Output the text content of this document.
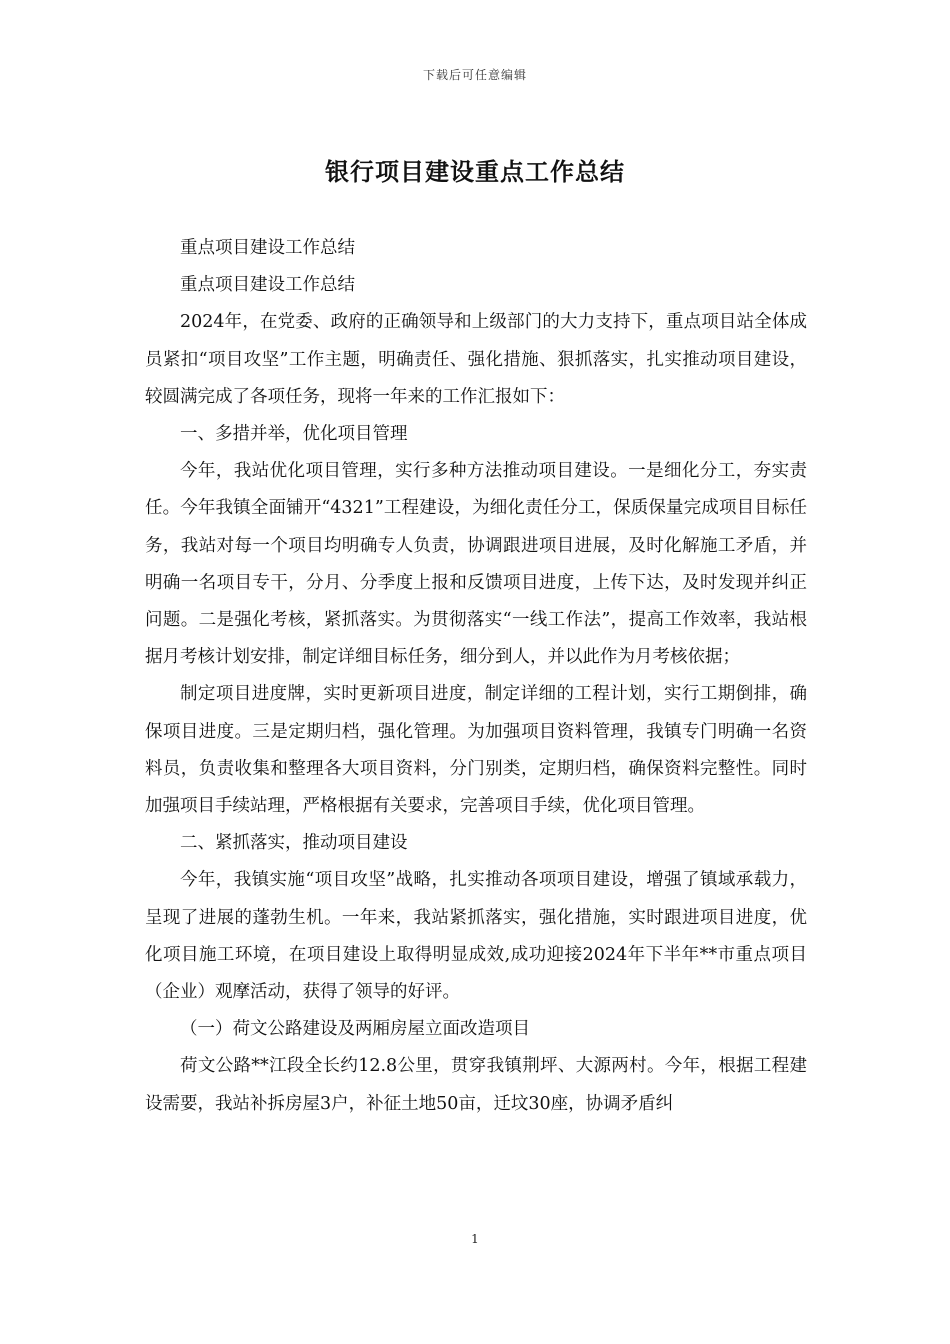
下载后可任意编辑
银行项目建设重点工作总结

重点项目建设工作总结

重点项目建设工作总结

2024年，在党委、政府的正确领导和上级部门的大力支持下，重点项目站全体成员紧扣“项目攻坚”工作主题，明确责任、强化措施、狠抓落实，扎实推动项目建设，较圆满完成了各项任务，现将一年来的工作汇报如下：

一、多措并举，优化项目管理

今年，我站优化项目管理，实行多种方法推动项目建设。一是细化分工，夯实责任。今年我镇全面铺开“4321”工程建设，为细化责任分工，保质保量完成项目目标任务，我站对每一个项目均明确专人负责，协调跟进项目进展，及时化解施工矛盾，并明确一名项目专干，分月、分季度上报和反馈项目进度，上传下达，及时发现并纠正问题。二是强化考核，紧抓落实。为贯彻落实“一线工作法”，提高工作效率，我站根据月考核计划安排，制定详细目标任务，细分到人，并以此作为月考核依据；

制定项目进度牌，实时更新项目进度，制定详细的工程计划，实行工期倒排，确保项目进度。三是定期归档，强化管理。为加强项目资料管理，我镇专门明确一名资料员，负责收集和整理各大项目资料，分门别类，定期归档，确保资料完整性。同时加强项目手续站理，严格根据有关要求，完善项目手续，优化项目管理。

二、紧抓落实，推动项目建设

今年，我镇实施“项目攻坚”战略，扎实推动各项项目建设，增强了镇域承载力，呈现了进展的蓬勃生机。一年来，我站紧抓落实，强化措施，实时跟进项目进度，优化项目施工环境，在项目建设上取得明显成效,成功迎接2024年下半年**市重点项目（企业）观摩活动，获得了领导的好评。

（一）荷文公路建设及两厢房屋立面改造项目

荷文公路**江段全长约12.8公里，贯穿我镇荆坪、大源两村。今年，根据工程建设需要，我站补拆房屋3户，补征土地50亩，迁坟30座，协调矛盾纠

1
